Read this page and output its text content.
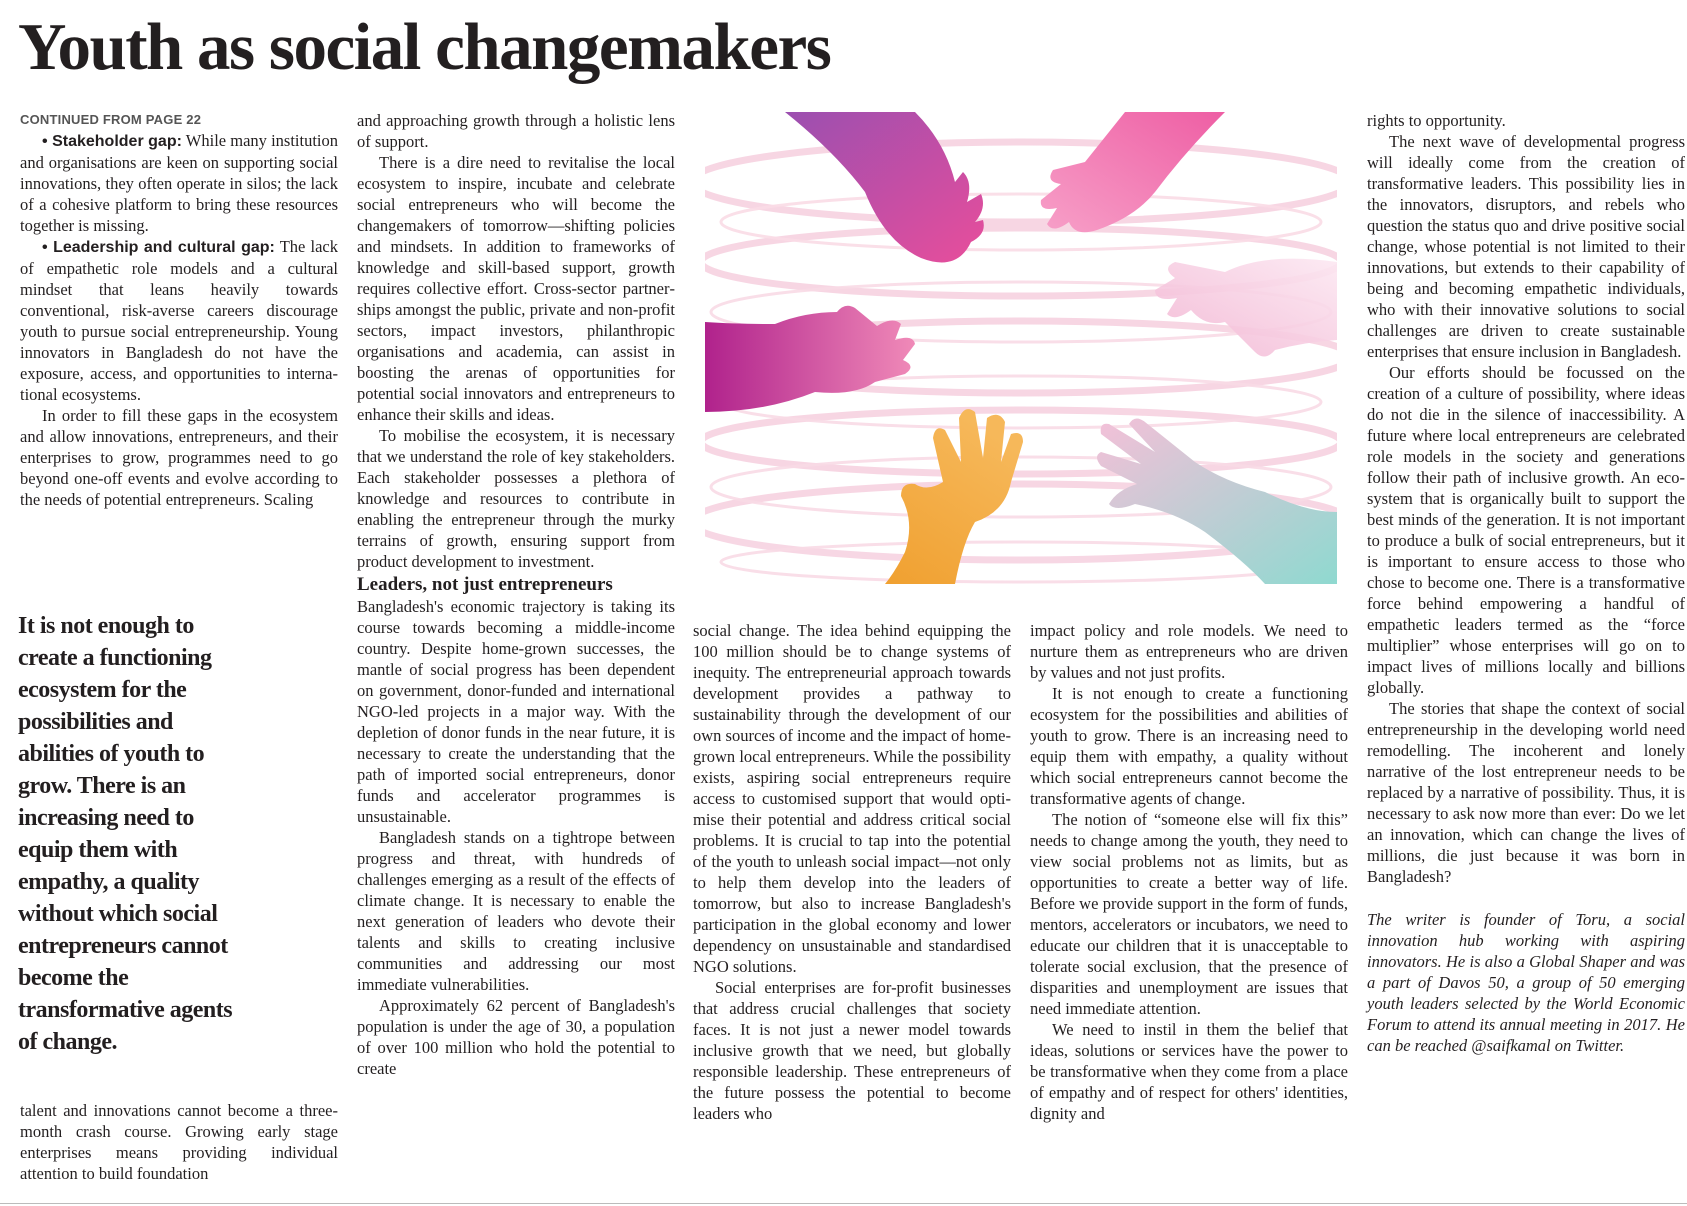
Youth as social changemakers
CONTINUED FROM PAGE 22

• Stakeholder gap: While many institution and organisations are keen on supporting social innovations, they often operate in silos; the lack of a cohesive platform to bring these resources together is missing.

• Leadership and cultural gap: The lack of empathetic role models and a cultural mindset that leans heavily towards conventional, risk-averse careers discourage youth to pursue social entrepreneurship. Young innovators in Bangladesh do not have the exposure, access, and opportunities to international ecosystems.

In order to fill these gaps in the ecosystem and allow innovations, entrepreneurs, and their enterprises to grow, programmes need to go beyond one-off events and evolve according to the needs of potential entrepreneurs. Scaling

It is not enough to create a functioning ecosystem for the possibilities and abilities of youth to grow. There is an increasing need to equip them with empathy, a quality without which social entrepreneurs cannot become the transformative agents of change.

talent and innovations cannot become a three-month crash course. Growing early stage enterprises means providing individual attention to build foundation

and approaching growth through a holistic lens of support.

There is a dire need to revitalise the local ecosystem to inspire, incubate and celebrate social entrepreneurs who will become the changemakers of tomorrow—shifting policies and mindsets. In addition to frameworks of knowledge and skill-based support, growth requires collective effort. Cross-sector partnerships amongst the public, private and non-profit sectors, impact investors, philanthropic organisations and academia, can assist in boosting the arenas of opportunities for potential social innovators and entrepreneurs to enhance their skills and ideas.

To mobilise the ecosystem, it is necessary that we understand the role of key stakeholders. Each stakeholder possesses a plethora of knowledge and resources to contribute in enabling the entrepreneur through the murky terrains of growth, ensuring support from product development to investment.

Leaders, not just entrepreneurs

Bangladesh's economic trajectory is taking its course towards becoming a middle-income country. Despite home-grown successes, the mantle of social progress has been dependent on government, donor-funded and international NGO-led projects in a major way. With the depletion of donor funds in the near future, it is necessary to create the understanding that the path of imported social entrepreneurs, donor funds and accelerator programmes is unsustainable.

Bangladesh stands on a tightrope between progress and threat, with hundreds of challenges emerging as a result of the effects of climate change. It is necessary to enable the next generation of leaders who devote their talents and skills to creating inclusive communities and addressing our most immediate vulnerabilities.

Approximately 62 percent of Bangladesh's population is under the age of 30, a population of over 100 million who hold the potential to create

social change. The idea behind equipping the 100 million should be to change systems of inequity. The entrepreneurial approach towards development provides a pathway to sustainability through the development of our own sources of income and the impact of home-grown local entrepreneurs. While the possibility exists, aspiring social entrepreneurs require access to customised support that would optimise their potential and address critical social problems. It is crucial to tap into the potential of the youth to unleash social impact—not only to help them develop into the leaders of tomorrow, but also to increase Bangladesh's participation in the global economy and lower dependency on unsustainable and standardised NGO solutions.

Social enterprises are for-profit businesses that address crucial challenges that society faces. It is not just a newer model towards inclusive growth that we need, but globally responsible leadership. These entrepreneurs of the future possess the potential to become leaders who

impact policy and role models. We need to nurture them as entrepreneurs who are driven by values and not just profits.

It is not enough to create a functioning ecosystem for the possibilities and abilities of youth to grow. There is an increasing need to equip them with empathy, a quality without which social entrepreneurs cannot become the transformative agents of change.

The notion of “someone else will fix this” needs to change among the youth, they need to view social problems not as limits, but as opportunities to create a better way of life. Before we provide support in the form of funds, mentors, accelerators or incubators, we need to educate our children that it is unacceptable to tolerate social exclusion, that the presence of disparities and unemployment are issues that need immediate attention.

We need to instil in them the belief that ideas, solutions or services have the power to be transformative when they come from a place of empathy and of respect for others' identities, dignity and

rights to opportunity.

The next wave of developmental progress will ideally come from the creation of transformative leaders. This possibility lies in the innovators, disruptors, and rebels who question the status quo and drive positive social change, whose potential is not limited to their innovations, but extends to their capability of being and becoming empathetic individuals, who with their innovative solutions to social challenges are driven to create sustainable enterprises that ensure inclusion in Bangladesh.

Our efforts should be focussed on the creation of a culture of possibility, where ideas do not die in the silence of inaccessibility. A future where local entrepreneurs are celebrated role models in the society and generations follow their path of inclusive growth. An ecosystem that is organically built to support the best minds of the generation. It is not important to produce a bulk of social entrepreneurs, but it is important to ensure access to those who chose to become one. There is a transformative force behind empowering a handful of empathetic leaders termed as the “force multiplier” whose enterprises will go on to impact lives of millions locally and billions globally.

The stories that shape the context of social entrepreneurship in the developing world need remodelling. The incoherent and lonely narrative of the lost entrepreneur needs to be replaced by a narrative of possibility. Thus, it is necessary to ask now more than ever: Do we let an innovation, which can change the lives of millions, die just because it was born in Bangladesh?

The writer is founder of Toru, a social innovation hub working with aspiring innovators. He is also a Global Shaper and was a part of Davos 50, a group of 50 emerging youth leaders selected by the World Economic Forum to attend its annual meeting in 2017. He can be reached @saifkamal on Twitter.
